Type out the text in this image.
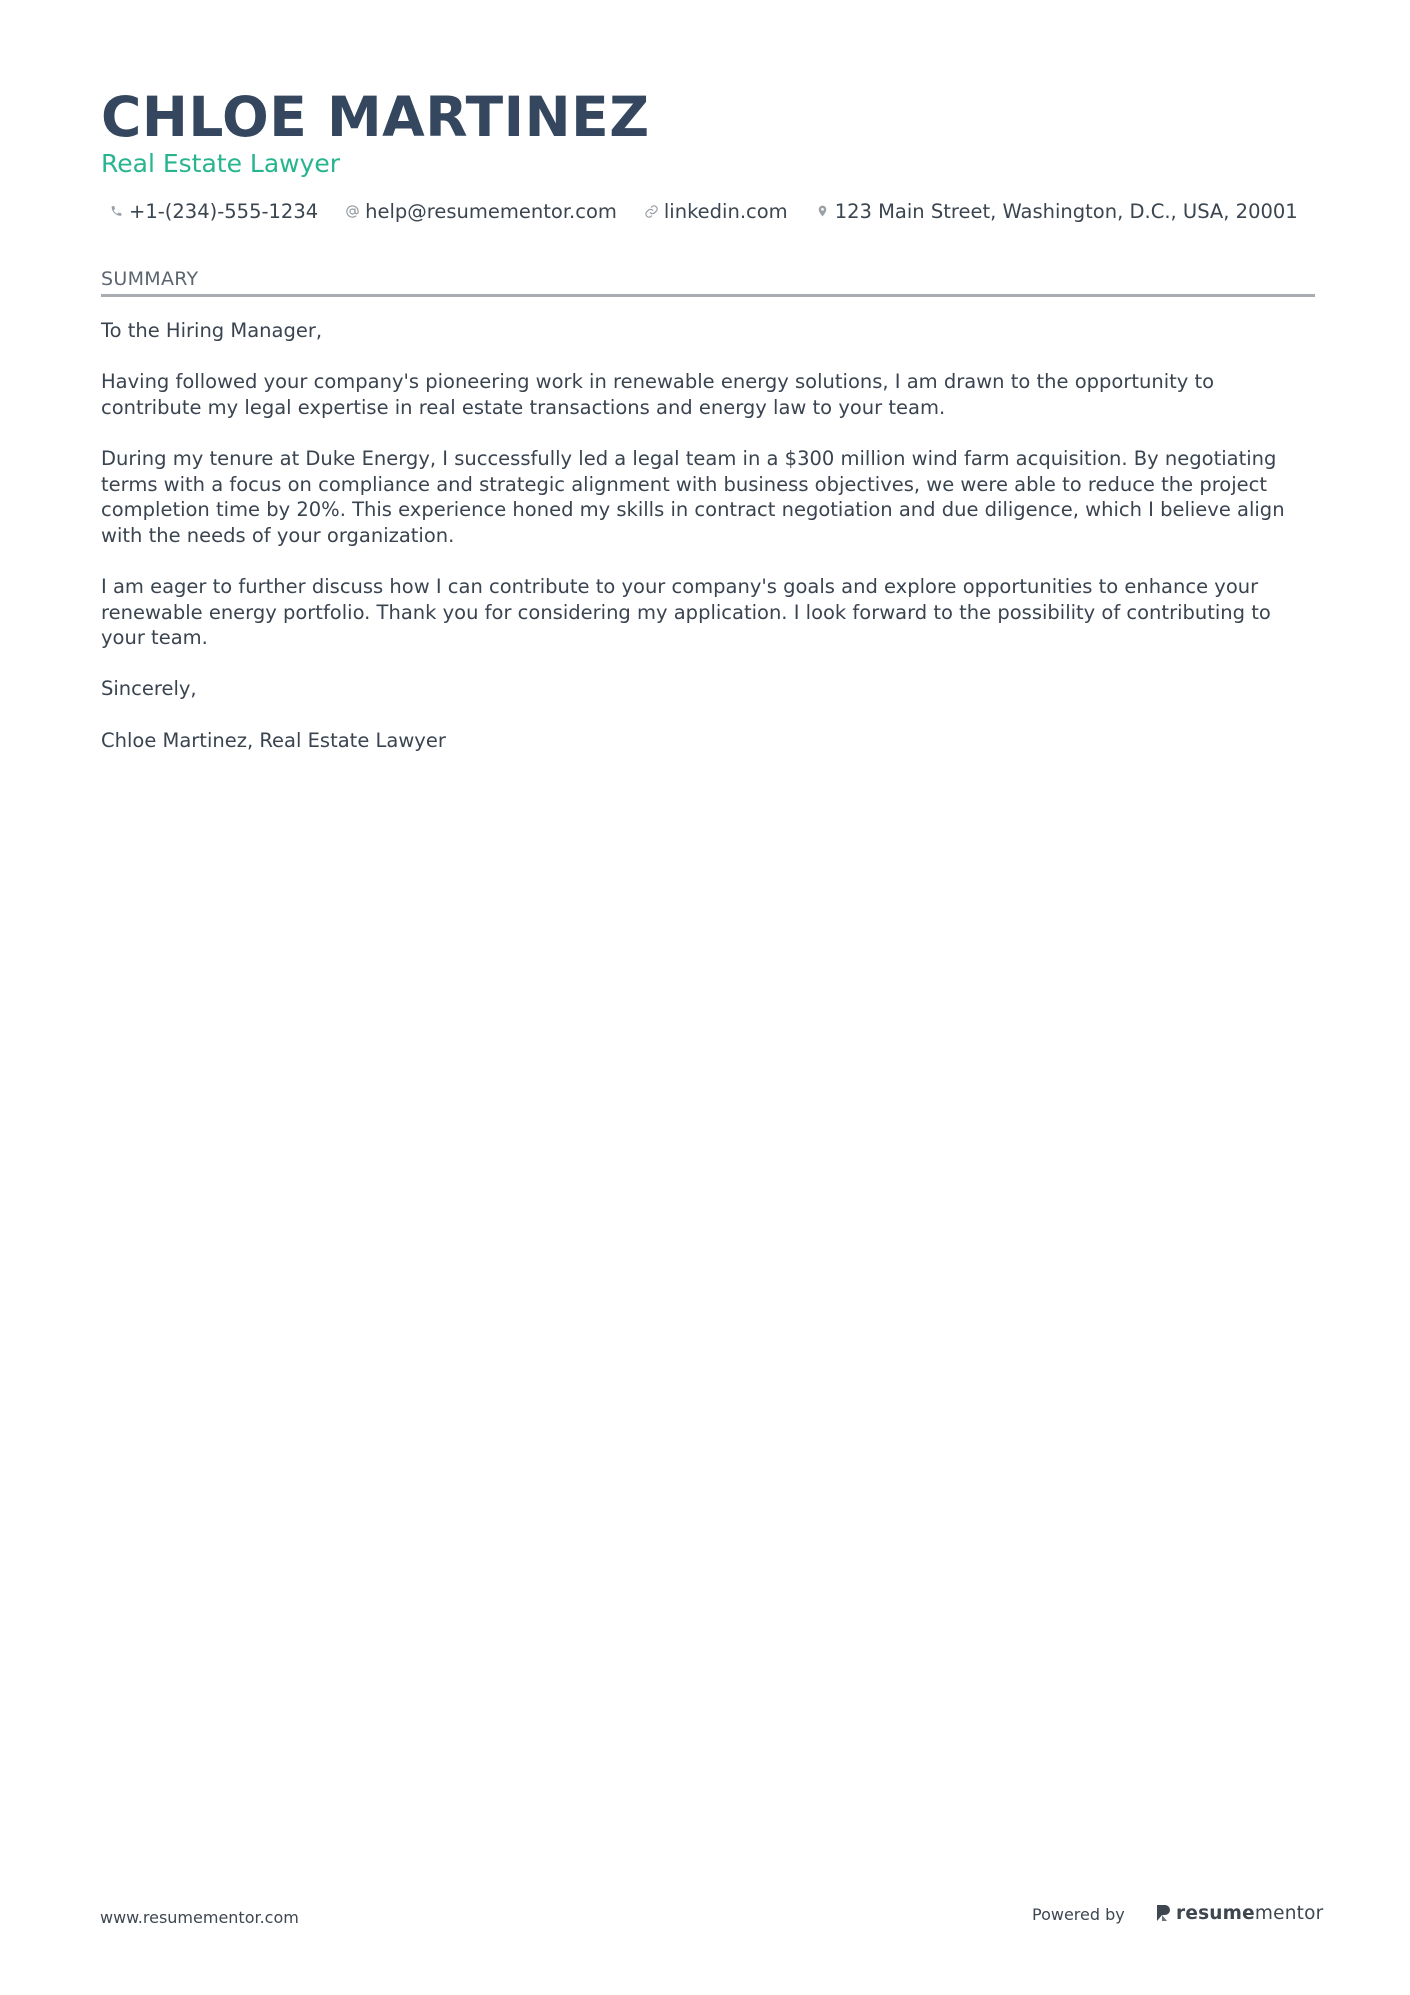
CHLOE MARTINEZ
Real Estate Lawyer
+1-(234)-555-1234 help@resumementor.com linkedin.com 123 Main Street, Washington, D.C., USA, 20001
SUMMARY

To the Hiring Manager,

Having followed your company's pioneering work in renewable energy solutions, I am drawn to the opportunity to contribute my legal expertise in real estate transactions and energy law to your team.

During my tenure at Duke Energy, I successfully led a legal team in a $300 million wind farm acquisition. By negotiating terms with a focus on compliance and strategic alignment with business objectives, we were able to reduce the project completion time by 20%. This experience honed my skills in contract negotiation and due diligence, which I believe align with the needs of your organization.

I am eager to further discuss how I can contribute to your company's goals and explore opportunities to enhance your renewable energy portfolio. Thank you for considering my application. I look forward to the possibility of contributing to your team.

Sincerely,

Chloe Martinez, Real Estate Lawyer

www.resumementor.com	Powered by	resumementor
